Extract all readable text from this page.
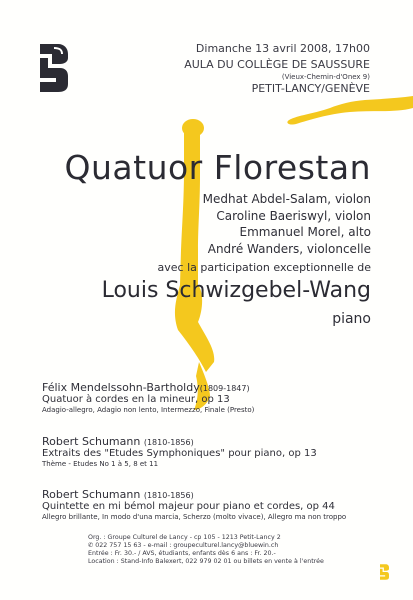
Dimanche 13 avril 2008, 17h00
AULA DU COLLÈGE DE SAUSSURE
(Vieux-Chemin-d'Onex 9)
PETIT-LANCY/GENÈVE
Quatuor Florestan
Medhat Abdel-Salam, violon
Caroline Baeriswyl, violon
Emmanuel Morel, alto
André Wanders, violoncelle
avec la participation exceptionnelle de
Louis Schwizgebel-Wang
piano
Félix Mendelssohn-Bartholdy(1809-1847)
Quatuor à cordes en la mineur, op 13
Adagio-allegro, Adagio non lento, Intermezzo, Finale (Presto)
Robert Schumann (1810-1856)
Extraits des "Etudes Symphoniques" pour piano, op 13
Thème - Etudes No 1 à 5, 8 et 11
Robert Schumann (1810-1856)
Quintette en mi bémol majeur pour piano et cordes, op 44
Allegro brillante, In modo d'una marcia, Scherzo (molto vivace), Allegro ma non troppo
Org. : Groupe Culturel de Lancy - cp 105 - 1213 Petit-Lancy 2
✆ 022 757 15 63 - e-mail : groupeculturel.lancy@bluewin.ch
Entrée : Fr. 30.- / AVS, étudiants, enfants dès 6 ans : Fr. 20.-
Location : Stand-Info Balexert, 022 979 02 01 ou billets en vente à l'entrée
